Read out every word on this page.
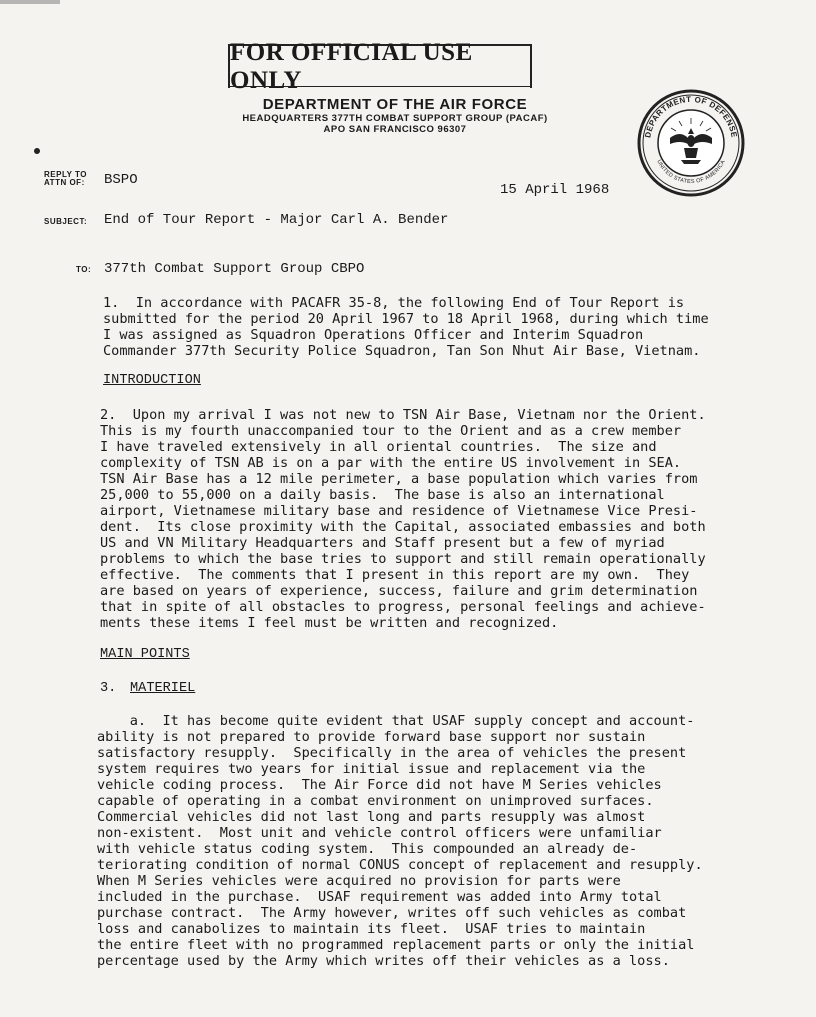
FOR OFFICIAL USE ONLY
DEPARTMENT OF THE AIR FORCE
HEADQUARTERS 377TH COMBAT SUPPORT GROUP (PACAF)
APO SAN FRANCISCO 96307	DEPARTMENT OF DEFENSE
UNITED STATES OF AMERICA
REPLY TO
ATTN OF: BSPO
15 April 1968
SUBJECT: End of Tour Report - Major Carl A. Bender
TO: 377th Combat Support Group CBPO
1.  In accordance with PACAFR 35-8, the following End of Tour Report is
submitted for the period 20 April 1967 to 18 April 1968, during which time
I was assigned as Squadron Operations Officer and Interim Squadron
Commander 377th Security Police Squadron, Tan Son Nhut Air Base, Vietnam.
INTRODUCTION
2.  Upon my arrival I was not new to TSN Air Base, Vietnam nor the Orient.
This is my fourth unaccompanied tour to the Orient and as a crew member
I have traveled extensively in all oriental countries.  The size and
complexity of TSN AB is on a par with the entire US involvement in SEA.
TSN Air Base has a 12 mile perimeter, a base population which varies from
25,000 to 55,000 on a daily basis.  The base is also an international
airport, Vietnamese military base and residence of Vietnamese Vice Presi-
dent.  Its close proximity with the Capital, associated embassies and both
US and VN Military Headquarters and Staff present but a few of myriad
problems to which the base tries to support and still remain operationally
effective.  The comments that I present in this report are my own.  They
are based on years of experience, success, failure and grim determination
that in spite of all obstacles to progress, personal feelings and achieve-
ments these items I feel must be written and recognized.
MAIN POINTS
3. MATERIEL
a.  It has become quite evident that USAF supply concept and account-
ability is not prepared to provide forward base support nor sustain
satisfactory resupply.  Specifically in the area of vehicles the present
system requires two years for initial issue and replacement via the
vehicle coding process.  The Air Force did not have M Series vehicles
capable of operating in a combat environment on unimproved surfaces.
Commercial vehicles did not last long and parts resupply was almost
non-existent.  Most unit and vehicle control officers were unfamiliar
with vehicle status coding system.  This compounded an already de-
teriorating condition of normal CONUS concept of replacement and resupply.
When M Series vehicles were acquired no provision for parts were
included in the purchase.  USAF requirement was added into Army total
purchase contract.  The Army however, writes off such vehicles as combat
loss and canabolizes to maintain its fleet.  USAF tries to maintain
the entire fleet with no programmed replacement parts or only the initial
percentage used by the Army which writes off their vehicles as a loss.
